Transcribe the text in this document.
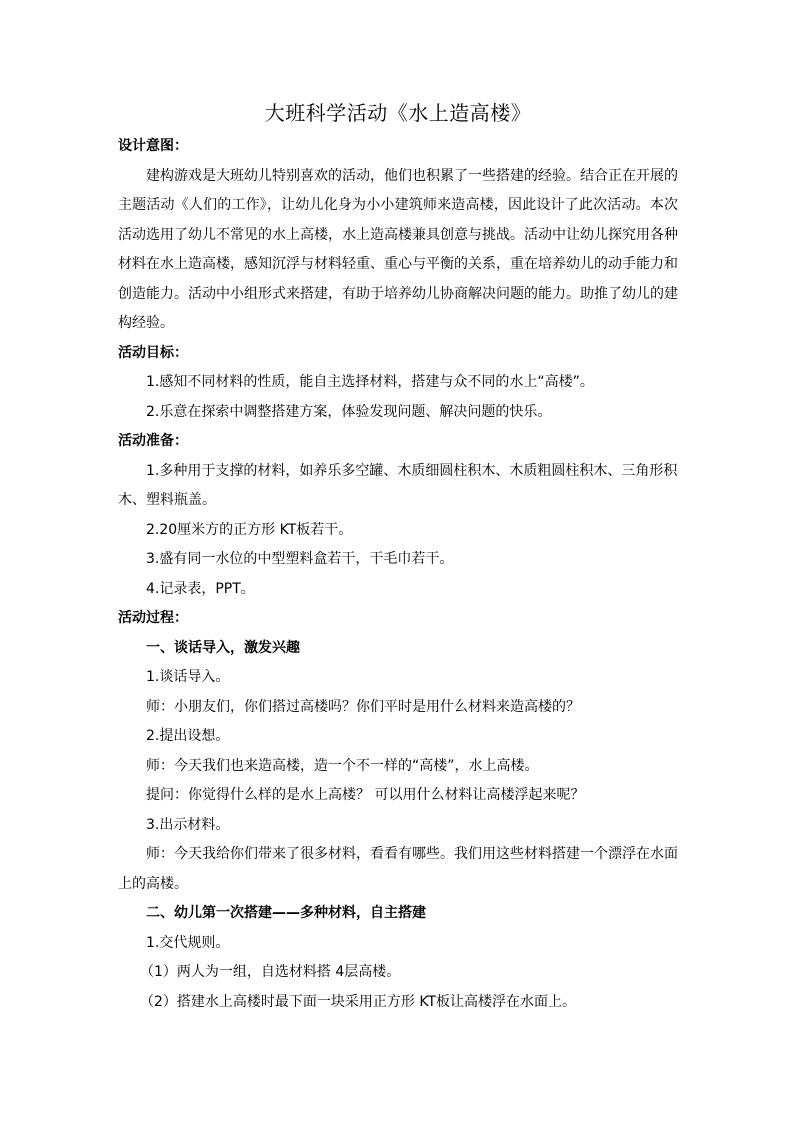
大班科学活动《水上造高楼》
设计意图：

建构游戏是大班幼儿特别喜欢的活动，他们也积累了一些搭建的经验。结合正在开展的主题活动《人们的工作》，让幼儿化身为小小建筑师来造高楼，因此设计了此次活动。本次活动选用了幼儿不常见的水上高楼，水上造高楼兼具创意与挑战。活动中让幼儿探究用各种材料在水上造高楼，感知沉浮与材料轻重、重心与平衡的关系，重在培养幼儿的动手能力和创造能力。活动中小组形式来搭建，有助于培养幼儿协商解决问题的能力。助推了幼儿的建构经验。

活动目标：

1.感知不同材料的性质，能自主选择材料，搭建与众不同的水上“高楼”。

2.乐意在探索中调整搭建方案，体验发现问题、解决问题的快乐。

活动准备：

1.多种用于支撑的材料，如养乐多空罐、木质细圆柱积木、木质粗圆柱积木、三角形积木、塑料瓶盖。

2.20厘米方的正方形 KT板若干。

3.盛有同一水位的中型塑料盒若干，干毛巾若干。

4.记录表，PPT。

活动过程：

一、谈话导入，激发兴趣

1.谈话导入。

师：小朋友们，你们搭过高楼吗？你们平时是用什么材料来造高楼的？

2.提出设想。

师：今天我们也来造高楼，造一个不一样的“高楼”，水上高楼。

提问：你觉得什么样的是水上高楼？ 可以用什么材料让高楼浮起来呢？

3.出示材料。

师：今天我给你们带来了很多材料，看看有哪些。我们用这些材料搭建一个漂浮在水面上的高楼。

二、幼儿第一次搭建——多种材料，自主搭建

1.交代规则。

（1）两人为一组，自选材料搭 4层高楼。

（2）搭建水上高楼时最下面一块采用正方形 KT板让高楼浮在水面上。
